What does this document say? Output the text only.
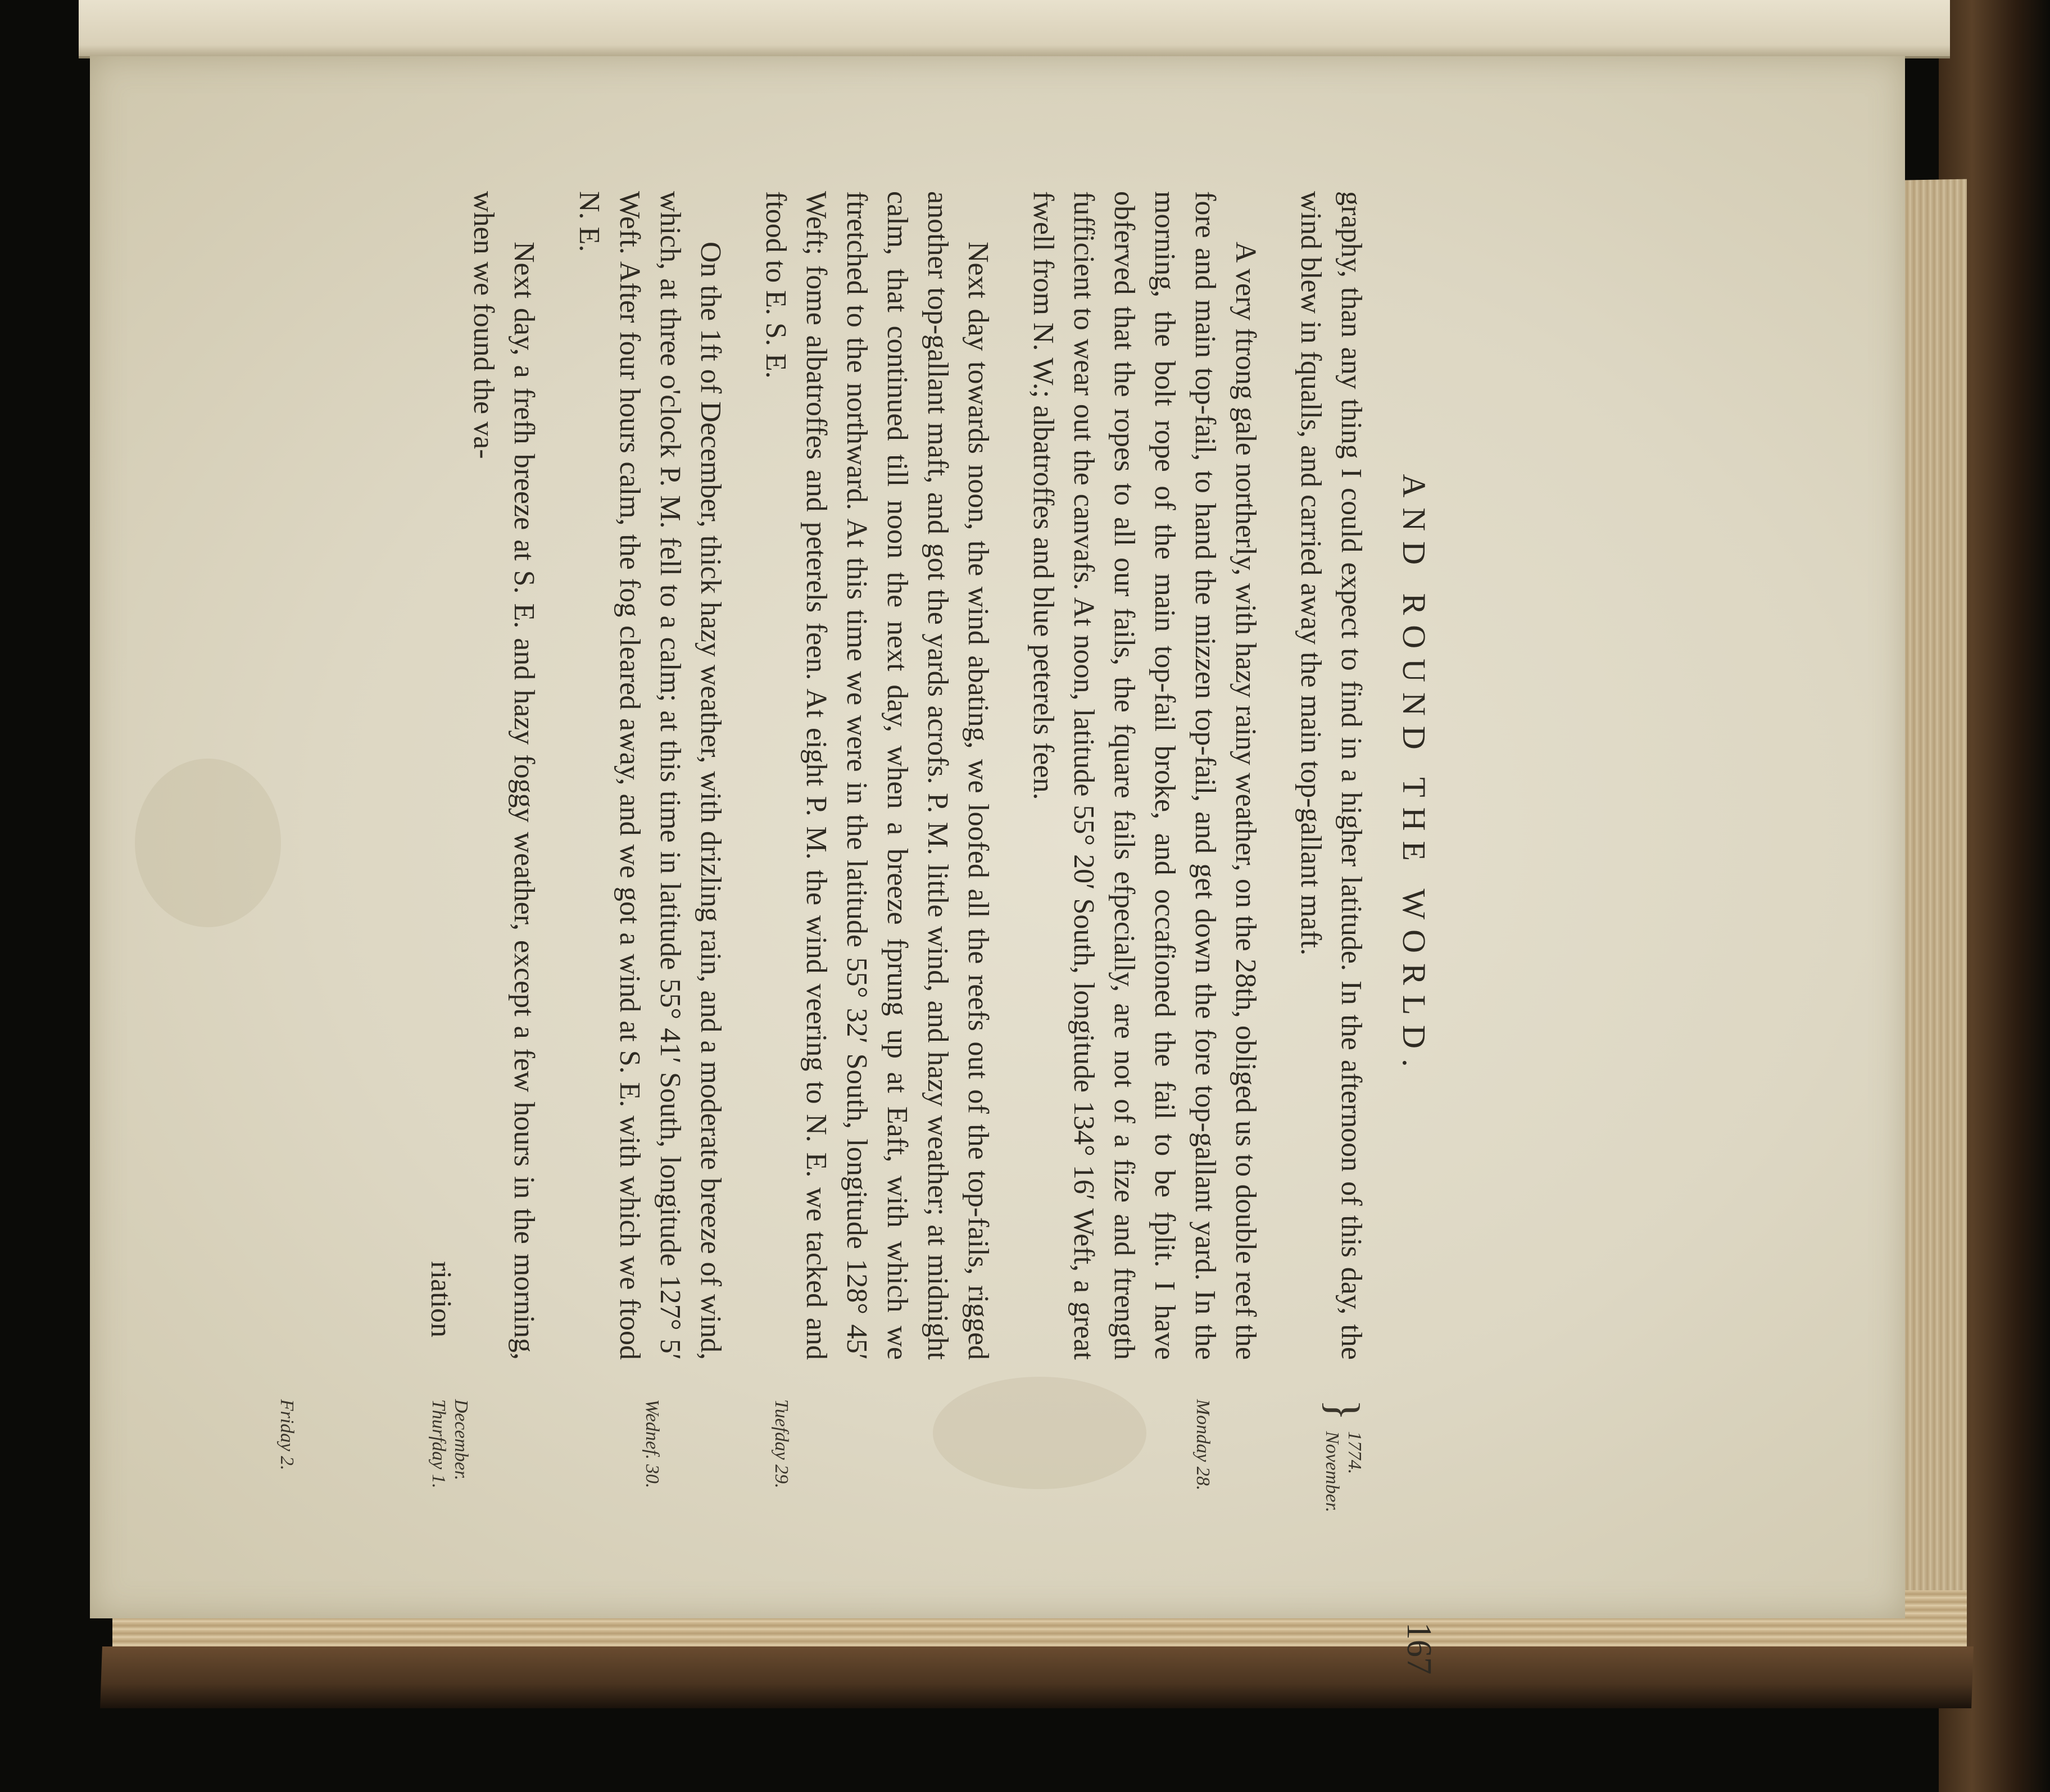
AND ROUND THE WORLD.
167

graphy, than any thing I could expect to find in a higher latitude. In the afternoon of this day, the wind blew in fqualls, and carried away the main top-gallant maft.

A very ftrong gale northerly, with hazy rainy weather, on the 28th, obliged us to double reef the fore and main top-fail, to hand the mizzen top-fail, and get down the fore top-gallant yard. In the morning, the bolt rope of the main top-fail broke, and occafioned the fail to be fplit. I have obferved that the ropes to all our fails, the fquare fails efpecially, are not of a fize and ftrength fufficient to wear out the canvafs. At noon, latitude 55° 20′ South, longitude 134° 16′ Weft, a great fwell from N. W.; albatroffes and blue peterels feen.

Next day towards noon, the wind abating, we loofed all the reefs out of the top-fails, rigged another top-gallant maft, and got the yards acrofs. P. M. little wind, and hazy weather; at midnight calm, that continued till noon the next day, when a breeze fprung up at Eaft, with which we ftretched to the northward. At this time we were in the latitude 55° 32′ South, longitude 128° 45′ Weft; fome albatroffes and peterels feen. At eight P. M. the wind veering to N. E. we tacked and ftood to E. S. E.

On the 1ft of December, thick hazy weather, with drizling rain, and a moderate breeze of wind, which, at three o'clock P. M. fell to a calm; at this time in latitude 55° 41′ South, longitude 127° 5′ Weft. After four hours calm, the fog cleared away, and we got a wind at S. E. with which we ftood N. E.

Next day, a frefh breeze at S. E. and hazy foggy weather, except a few hours in the morning, when we found the va-

riation
}
1774.
November.
Monday 28.
Tuefday 29.
Wednef. 30.
December.
Thurfday 1.
Friday 2.
